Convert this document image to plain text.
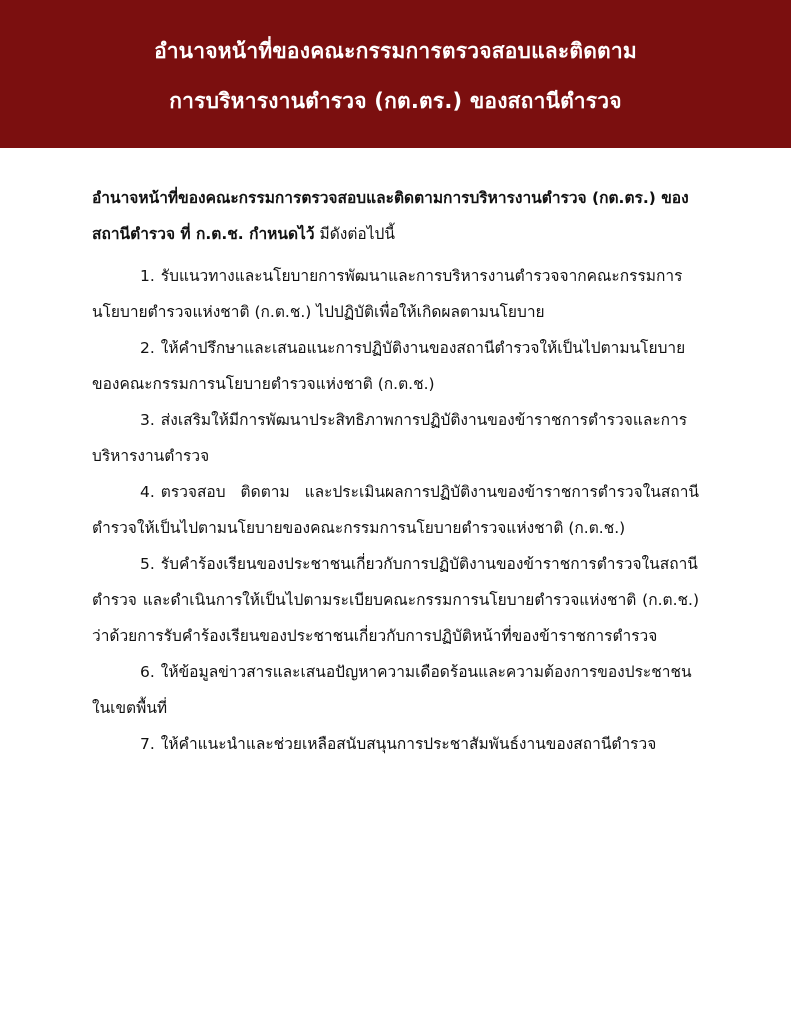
อำนาจหน้าที่ของคณะกรรมการตรวจสอบและติดตาม
การบริหารงานตำรวจ (กต.ตร.) ของสถานีตำรวจ

อำนาจหน้าที่ของคณะกรรมการตรวจสอบและติดตามการบริหารงานตำรวจ (กต.ตร.) ของสถานีตำรวจ ที่ ก.ต.ช. กำหนดไว้ มีดังต่อไปนี้

1. รับแนวทางและนโยบายการพัฒนาและการบริหารงานตำรวจจากคณะกรรมการนโยบายตำรวจแห่งชาติ (ก.ต.ช.) ไปปฏิบัติเพื่อให้เกิดผลตามนโยบาย

2. ให้คำปรึกษาและเสนอแนะการปฏิบัติงานของสถานีตำรวจให้เป็นไปตามนโยบายของคณะกรรมการนโยบายตำรวจแห่งชาติ (ก.ต.ช.)

3. ส่งเสริมให้มีการพัฒนาประสิทธิภาพการปฏิบัติงานของข้าราชการตำรวจและการบริหารงานตำรวจ

4. ตรวจสอบ ติดตาม และประเมินผลการปฏิบัติงานของข้าราชการตำรวจในสถานีตำรวจให้เป็นไปตามนโยบายของคณะกรรมการนโยบายตำรวจแห่งชาติ (ก.ต.ช.)

5. รับคำร้องเรียนของประชาชนเกี่ยวกับการปฏิบัติงานของข้าราชการตำรวจในสถานีตำรวจ และดำเนินการให้เป็นไปตามระเบียบคณะกรรมการนโยบายตำรวจแห่งชาติ (ก.ต.ช.) ว่าด้วยการรับคำร้องเรียนของประชาชนเกี่ยวกับการปฏิบัติหน้าที่ของข้าราชการตำรวจ

6. ให้ข้อมูลข่าวสารและเสนอปัญหาความเดือดร้อนและความต้องการของประชาชนในเขตพื้นที่

7. ให้คำแนะนำและช่วยเหลือสนับสนุนการประชาสัมพันธ์งานของสถานีตำรวจ
